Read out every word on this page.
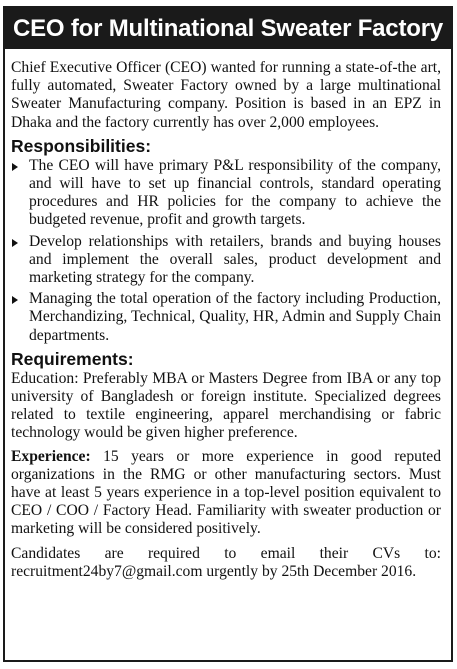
CEO for Multinational Sweater Factory

Chief Executive Officer (CEO) wanted for running a state-of-the art, fully automated, Sweater Factory owned by a large multinational Sweater Manufacturing company. Position is based in an EPZ in Dhaka and the factory currently has over 2,000 employees.

Responsibilities:

The CEO will have primary P&L responsibility of the company, and will have to set up financial controls, standard operating procedures and HR policies for the company to achieve the budgeted revenue, profit and growth targets.

Develop relationships with retailers, brands and buying houses and implement the overall sales, product development and marketing strategy for the company.

Managing the total operation of the factory including Production, Merchandizing, Technical, Quality, HR, Admin and Supply Chain departments.

Requirements:

Education: Preferably MBA or Masters Degree from IBA or any top university of Bangladesh or foreign institute. Specialized degrees related to textile engineering, apparel merchandising or fabric technology would be given higher preference.

Experience: 15 years or more experience in good reputed organizations in the RMG or other manufacturing sectors. Must have at least 5 years experience in a top-level position equivalent to CEO / COO / Factory Head. Familiarity with sweater production or marketing will be considered positively.

Candidates are required to email their CVs to: recruitment24by7@gmail.com urgently by 25th December 2016.
